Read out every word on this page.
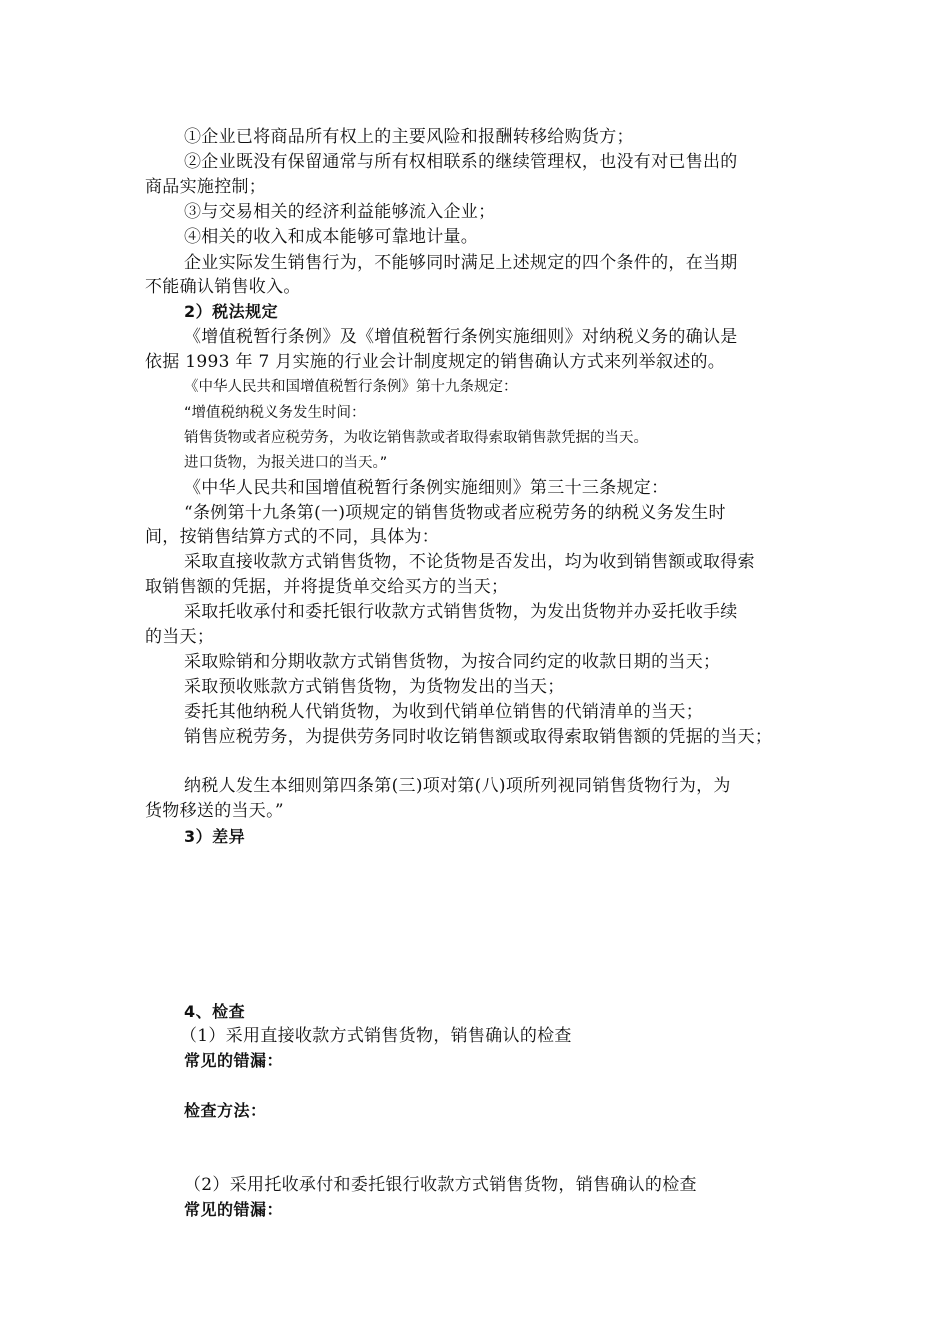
①企业已将商品所有权上的主要风险和报酬转移给购货方；
②企业既没有保留通常与所有权相联系的继续管理权，也没有对已售出的
商品实施控制；
③与交易相关的经济利益能够流入企业；
④相关的收入和成本能够可靠地计量。
企业实际发生销售行为，不能够同时满足上述规定的四个条件的，在当期
不能确认销售收入。
2）税法规定
《增值税暂行条例》及《增值税暂行条例实施细则》对纳税义务的确认是
依据 1993 年 7 月实施的行业会计制度规定的销售确认方式来列举叙述的。
《中华人民共和国增值税暂行条例》第十九条规定：
“增值税纳税义务发生时间：
销售货物或者应税劳务，为收讫销售款或者取得索取销售款凭据的当天。
进口货物，为报关进口的当天。”
《中华人民共和国增值税暂行条例实施细则》第三十三条规定：
“条例第十九条第(一)项规定的销售货物或者应税劳务的纳税义务发生时
间，按销售结算方式的不同，具体为：
采取直接收款方式销售货物，不论货物是否发出，均为收到销售额或取得索
取销售额的凭据，并将提货单交给买方的当天；
采取托收承付和委托银行收款方式销售货物，为发出货物并办妥托收手续
的当天；
采取赊销和分期收款方式销售货物，为按合同约定的收款日期的当天；
采取预收账款方式销售货物，为货物发出的当天；
委托其他纳税人代销货物，为收到代销单位销售的代销清单的当天；
销售应税劳务，为提供劳务同时收讫销售额或取得索取销售额的凭据的当天；
纳税人发生本细则第四条第(三)项对第(八)项所列视同销售货物行为，为
货物移送的当天。”
3）差异
4、检查
（1）采用直接收款方式销售货物，销售确认的检查
常见的错漏：
检查方法：
（2）采用托收承付和委托银行收款方式销售货物，销售确认的检查
常见的错漏：
